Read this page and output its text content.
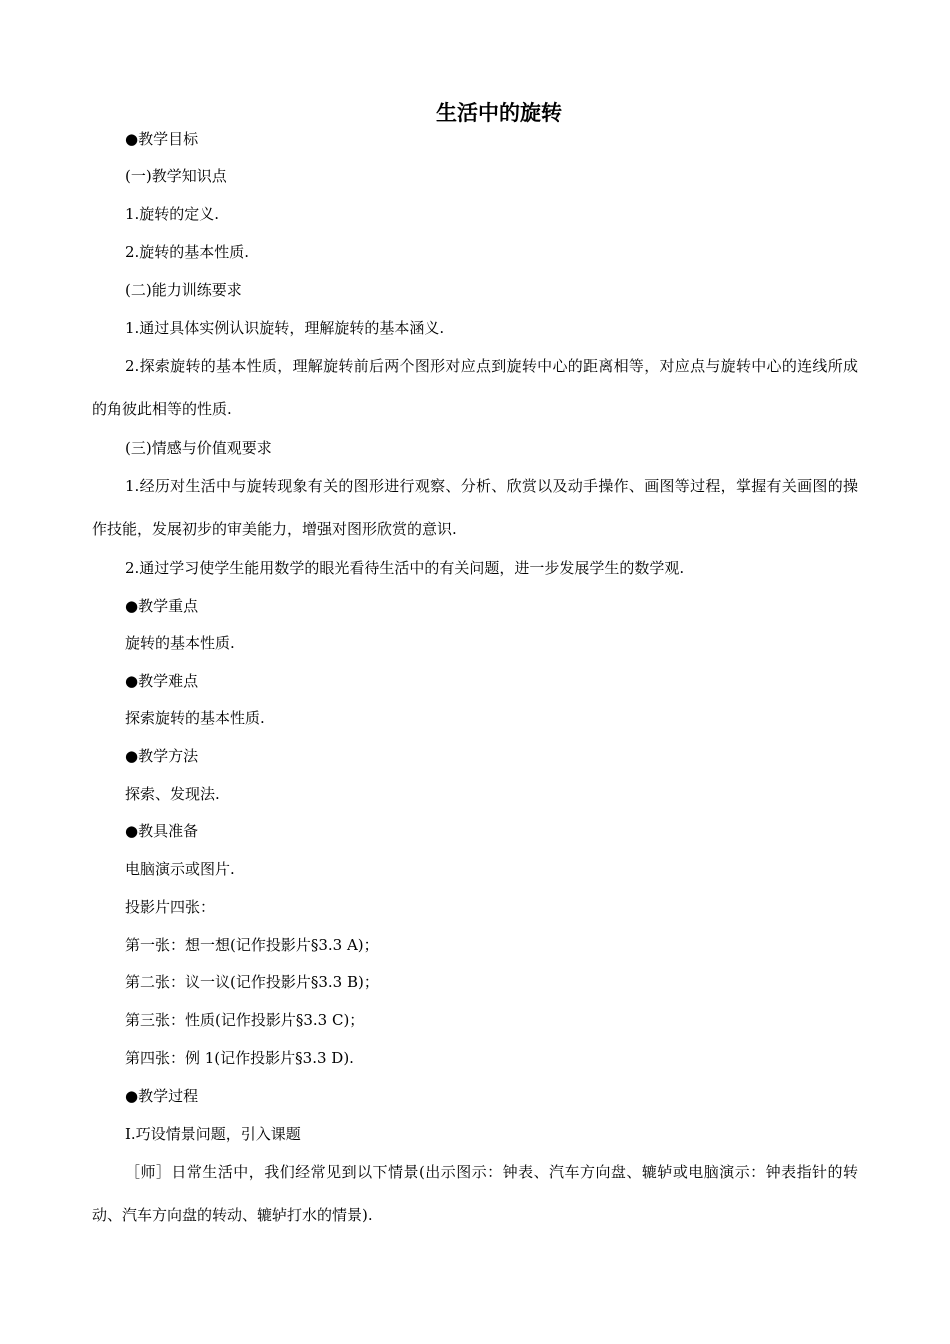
生活中的旋转

●教学目标

(一)教学知识点

1.旋转的定义.

2.旋转的基本性质.

(二)能力训练要求

1.通过具体实例认识旋转，理解旋转的基本涵义.

2.探索旋转的基本性质，理解旋转前后两个图形对应点到旋转中心的距离相等，对应点与旋转中心的连线所成的角彼此相等的性质.

(三)情感与价值观要求

1.经历对生活中与旋转现象有关的图形进行观察、分析、欣赏以及动手操作、画图等过程，掌握有关画图的操作技能，发展初步的审美能力，增强对图形欣赏的意识.

2.通过学习使学生能用数学的眼光看待生活中的有关问题，进一步发展学生的数学观.

●教学重点

旋转的基本性质.

●教学难点

探索旋转的基本性质.

●教学方法

探索、发现法.

●教具准备

电脑演示或图片.

投影片四张：

第一张：想一想(记作投影片§3.3 A)；

第二张：议一议(记作投影片§3.3 B)；

第三张：性质(记作投影片§3.3 C)；

第四张：例 1(记作投影片§3.3 D).

●教学过程

Ⅰ.巧设情景问题，引入课题

［师］日常生活中，我们经常见到以下情景(出示图示：钟表、汽车方向盘、辘轳或电脑演示：钟表指针的转动、汽车方向盘的转动、辘轳打水的情景).
